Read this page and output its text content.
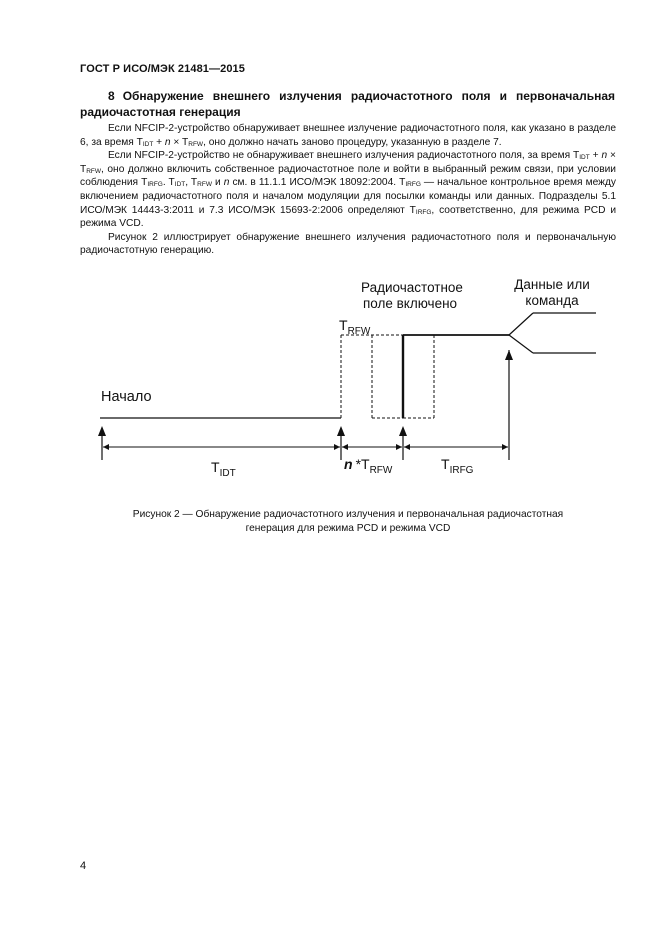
ГОСТ Р ИСО/МЭК 21481—2015
8 Обнаружение внешнего излучения радиочастотного поля и первоначальная радиочастотная генерация

Если NFCIP-2-устройство обнаруживает внешнее излучение радиочастотного поля, как указано в разделе 6, за время $T_{IDT} + n \times T_{RFW}$, оно должно начать заново процедуру, указанную в разделе 7.

Если NFCIP-2-устройство не обнаруживает внешнего излучения радиочастотного поля, за время $T_{IDT} + n \times T_{RFW}$, оно должно включить собственное радиочастотное поле и войти в выбранный режим связи, при условии соблюдения $T_{IRFG}$. $T_{IDT}$, $T_{RFW}$ и n см. в 11.1.1 ИСО/МЭК 18092:2004. $T_{IRFG}$ — начальное контрольное время между включением радиочастотного поля и началом модуляции для посылки команды или данных. Подразделы 5.1 ИСО/МЭК 14443-3:2011 и 7.3 ИСО/МЭК 15693-2:2006 определяют $T_{IRFG}$, соответственно, для режима PCD и режима VCD.

Рисунок 2 иллюстрирует обнаружение внешнего излучения радиочастотного поля и первоначальную радиочастотную генерацию.

Начало
Радиочастотное
поле включено
Данные или
команда
$T_{RFW}$
$T_{IDT}$
n $*T_{RFW}$	$T_{IRFG}$
Рисунок 2 — Обнаружение радиочастотного излучения и первоначальная радиочастотная
генерация для режима PCD и режима VCD
4
